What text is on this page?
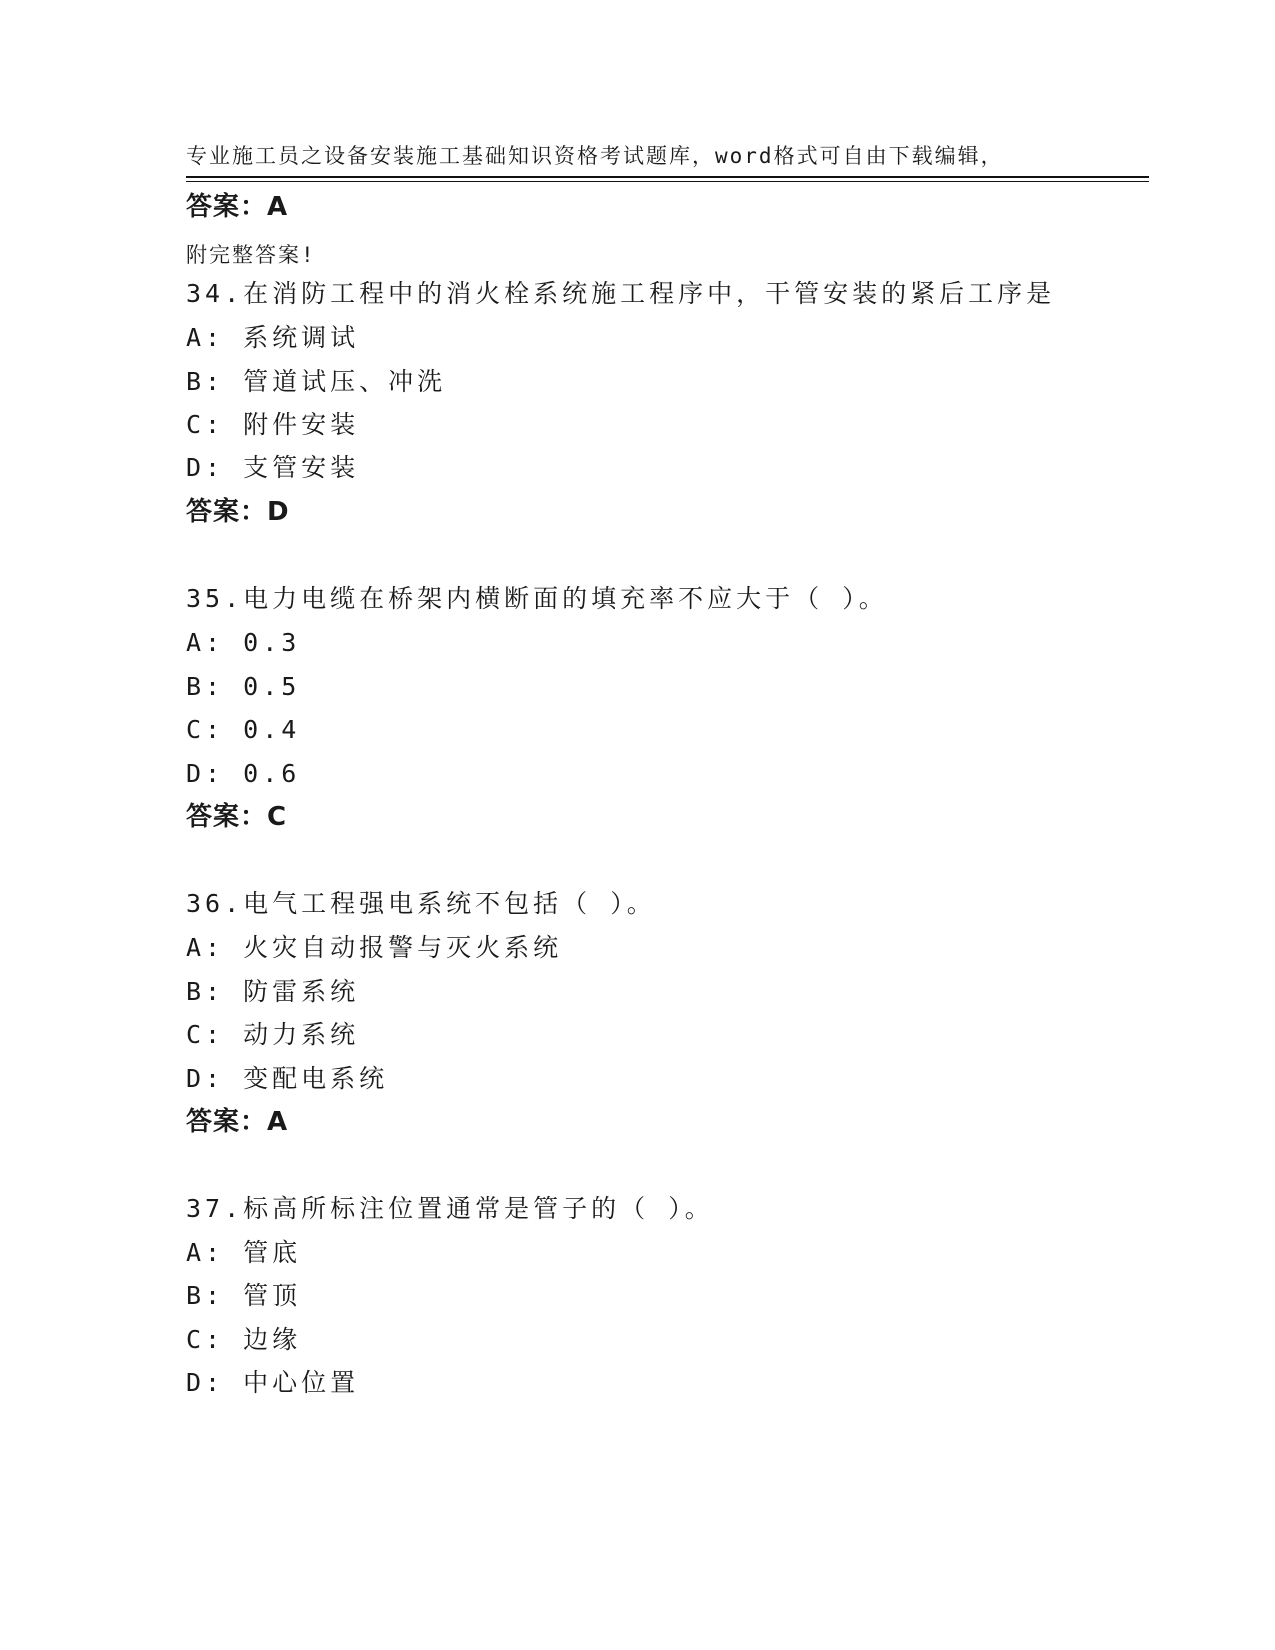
专业施工员之设备安装施工基础知识资格考试题库，word格式可自由下载编辑，

附完整答案!

答案：A
34.在消防工程中的消火栓系统施工程序中，干管安装的紧后工序是
A: 系统调试
B: 管道试压、冲洗
C: 附件安装
D: 支管安装
答案：D
35.电力电缆在桥架内横断面的填充率不应大于（ ）。
A: 0.3
B: 0.5
C: 0.4
D: 0.6
答案：C
36.电气工程强电系统不包括（ ）。
A: 火灾自动报警与灭火系统
B: 防雷系统
C: 动力系统
D: 变配电系统
答案：A
37.标高所标注位置通常是管子的（ ）。
A: 管底
B: 管顶
C: 边缘
D: 中心位置
